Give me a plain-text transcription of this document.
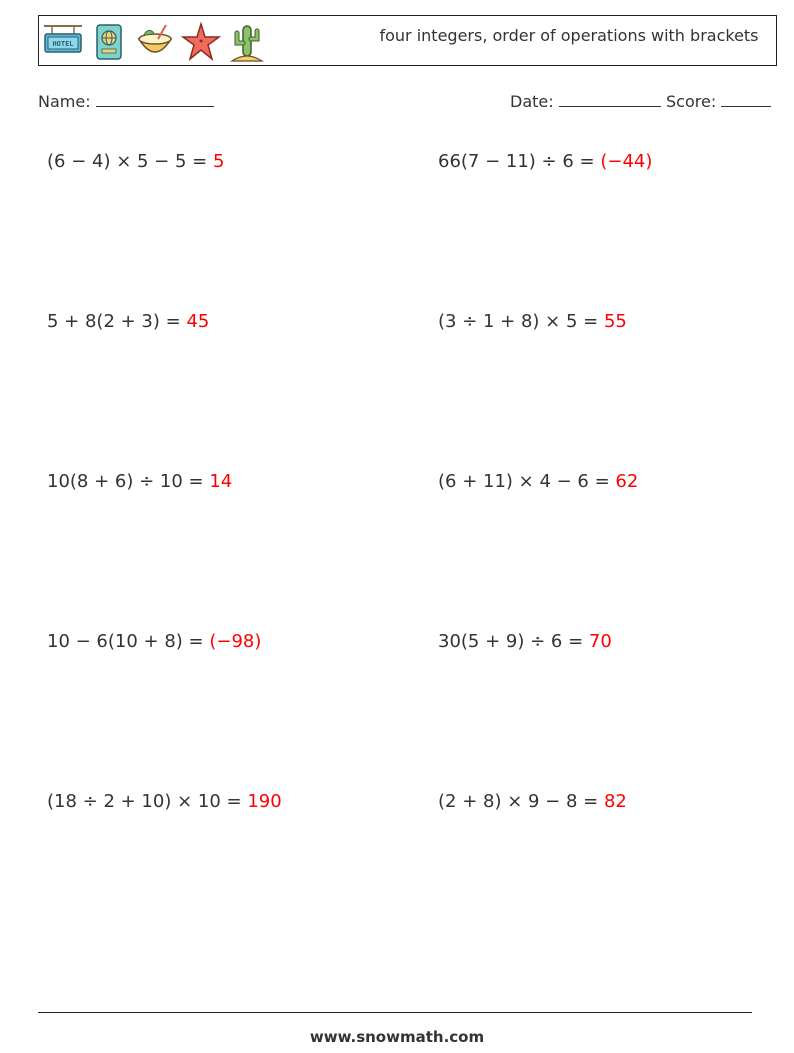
HOTEL	four integers, order of operations with brackets
Name:	Date:	Score:
(6 − 4) × 5 − 5 = 5	66(7 − 11) ÷ 6 = (−44)
5 + 8(2 + 3) = 45	(3 ÷ 1 + 8) × 5 = 55
10(8 + 6) ÷ 10 = 14	(6 + 11) × 4 − 6 = 62
10 − 6(10 + 8) = (−98)	30(5 + 9) ÷ 6 = 70
(18 ÷ 2 + 10) × 10 = 190	(2 + 8) × 9 − 8 = 82
www.snowmath.com
